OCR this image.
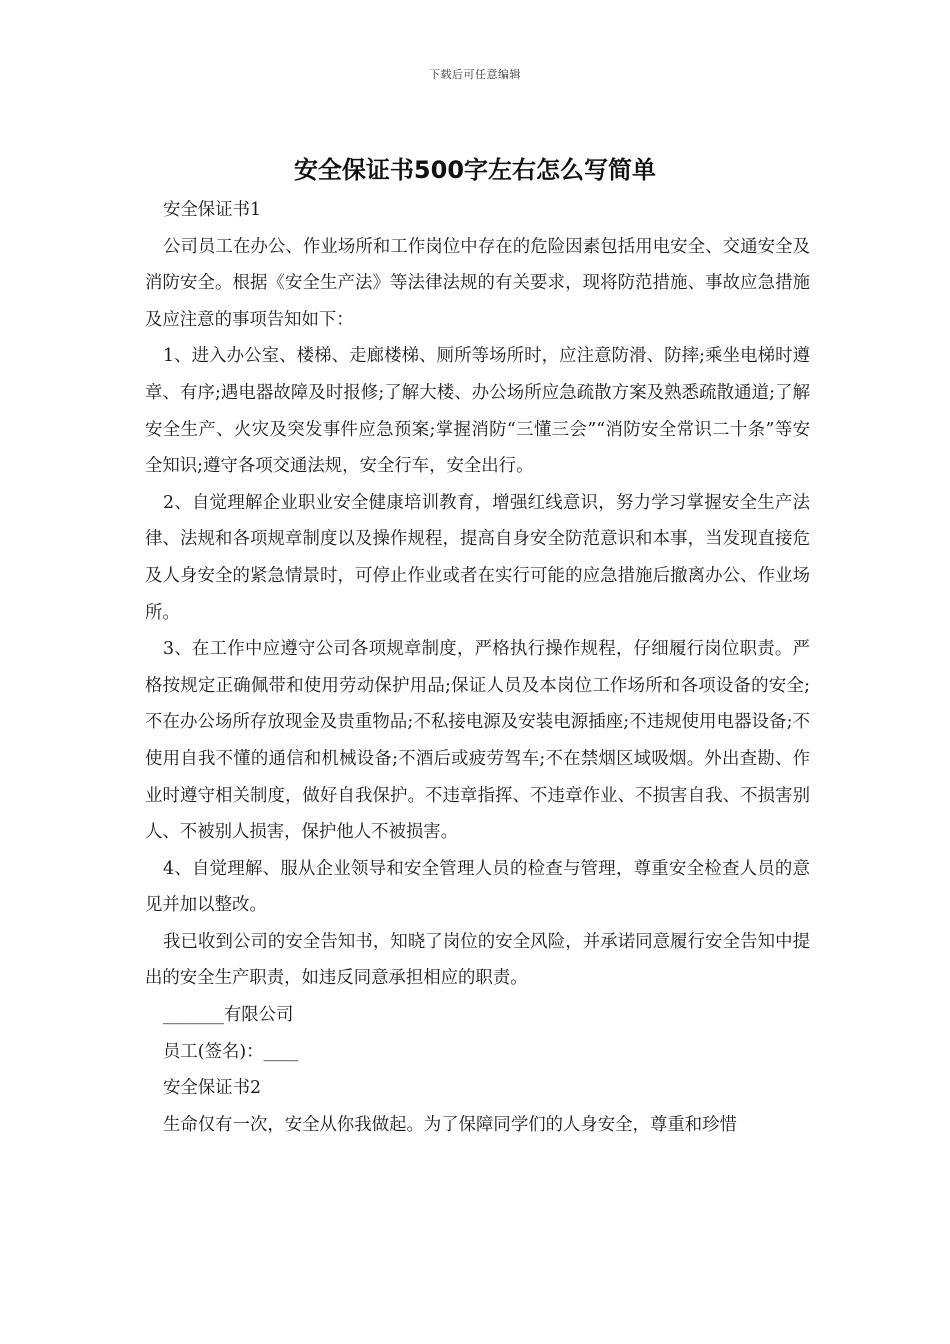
下载后可任意编辑
安全保证书500字左右怎么写简单

安全保证书1

公司员工在办公、作业场所和工作岗位中存在的危险因素包括用电安全、交通安全及消防安全。根据《安全生产法》等法律法规的有关要求，现将防范措施、事故应急措施及应注意的事项告知如下：

1、进入办公室、楼梯、走廊楼梯、厕所等场所时，应注意防滑、防摔;乘坐电梯时遵章、有序;遇电器故障及时报修;了解大楼、办公场所应急疏散方案及熟悉疏散通道;了解安全生产、火灾及突发事件应急预案;掌握消防“三懂三会”“消防安全常识二十条”等安全知识;遵守各项交通法规，安全行车，安全出行。

2、自觉理解企业职业安全健康培训教育，增强红线意识，努力学习掌握安全生产法律、法规和各项规章制度以及操作规程，提高自身安全防范意识和本事，当发现直接危及人身安全的紧急情景时，可停止作业或者在实行可能的应急措施后撤离办公、作业场所。

3、在工作中应遵守公司各项规章制度，严格执行操作规程，仔细履行岗位职责。严格按规定正确佩带和使用劳动保护用品;保证人员及本岗位工作场所和各项设备的安全;不在办公场所存放现金及贵重物品;不私接电源及安装电源插座;不违规使用电器设备;不使用自我不懂的通信和机械设备;不酒后或疲劳驾车;不在禁烟区域吸烟。外出查勘、作业时遵守相关制度，做好自我保护。不违章指挥、不违章作业、不损害自我、不损害别人、不被别人损害，保护他人不被损害。

4、自觉理解、服从企业领导和安全管理人员的检查与管理，尊重安全检查人员的意见并加以整改。

我已收到公司的安全告知书，知晓了岗位的安全风险，并承诺同意履行安全告知中提出的安全生产职责，如违反同意承担相应的职责。

_______有限公司

员工(签名)：____

安全保证书2

生命仅有一次，安全从你我做起。为了保障同学们的人身安全，尊重和珍惜
